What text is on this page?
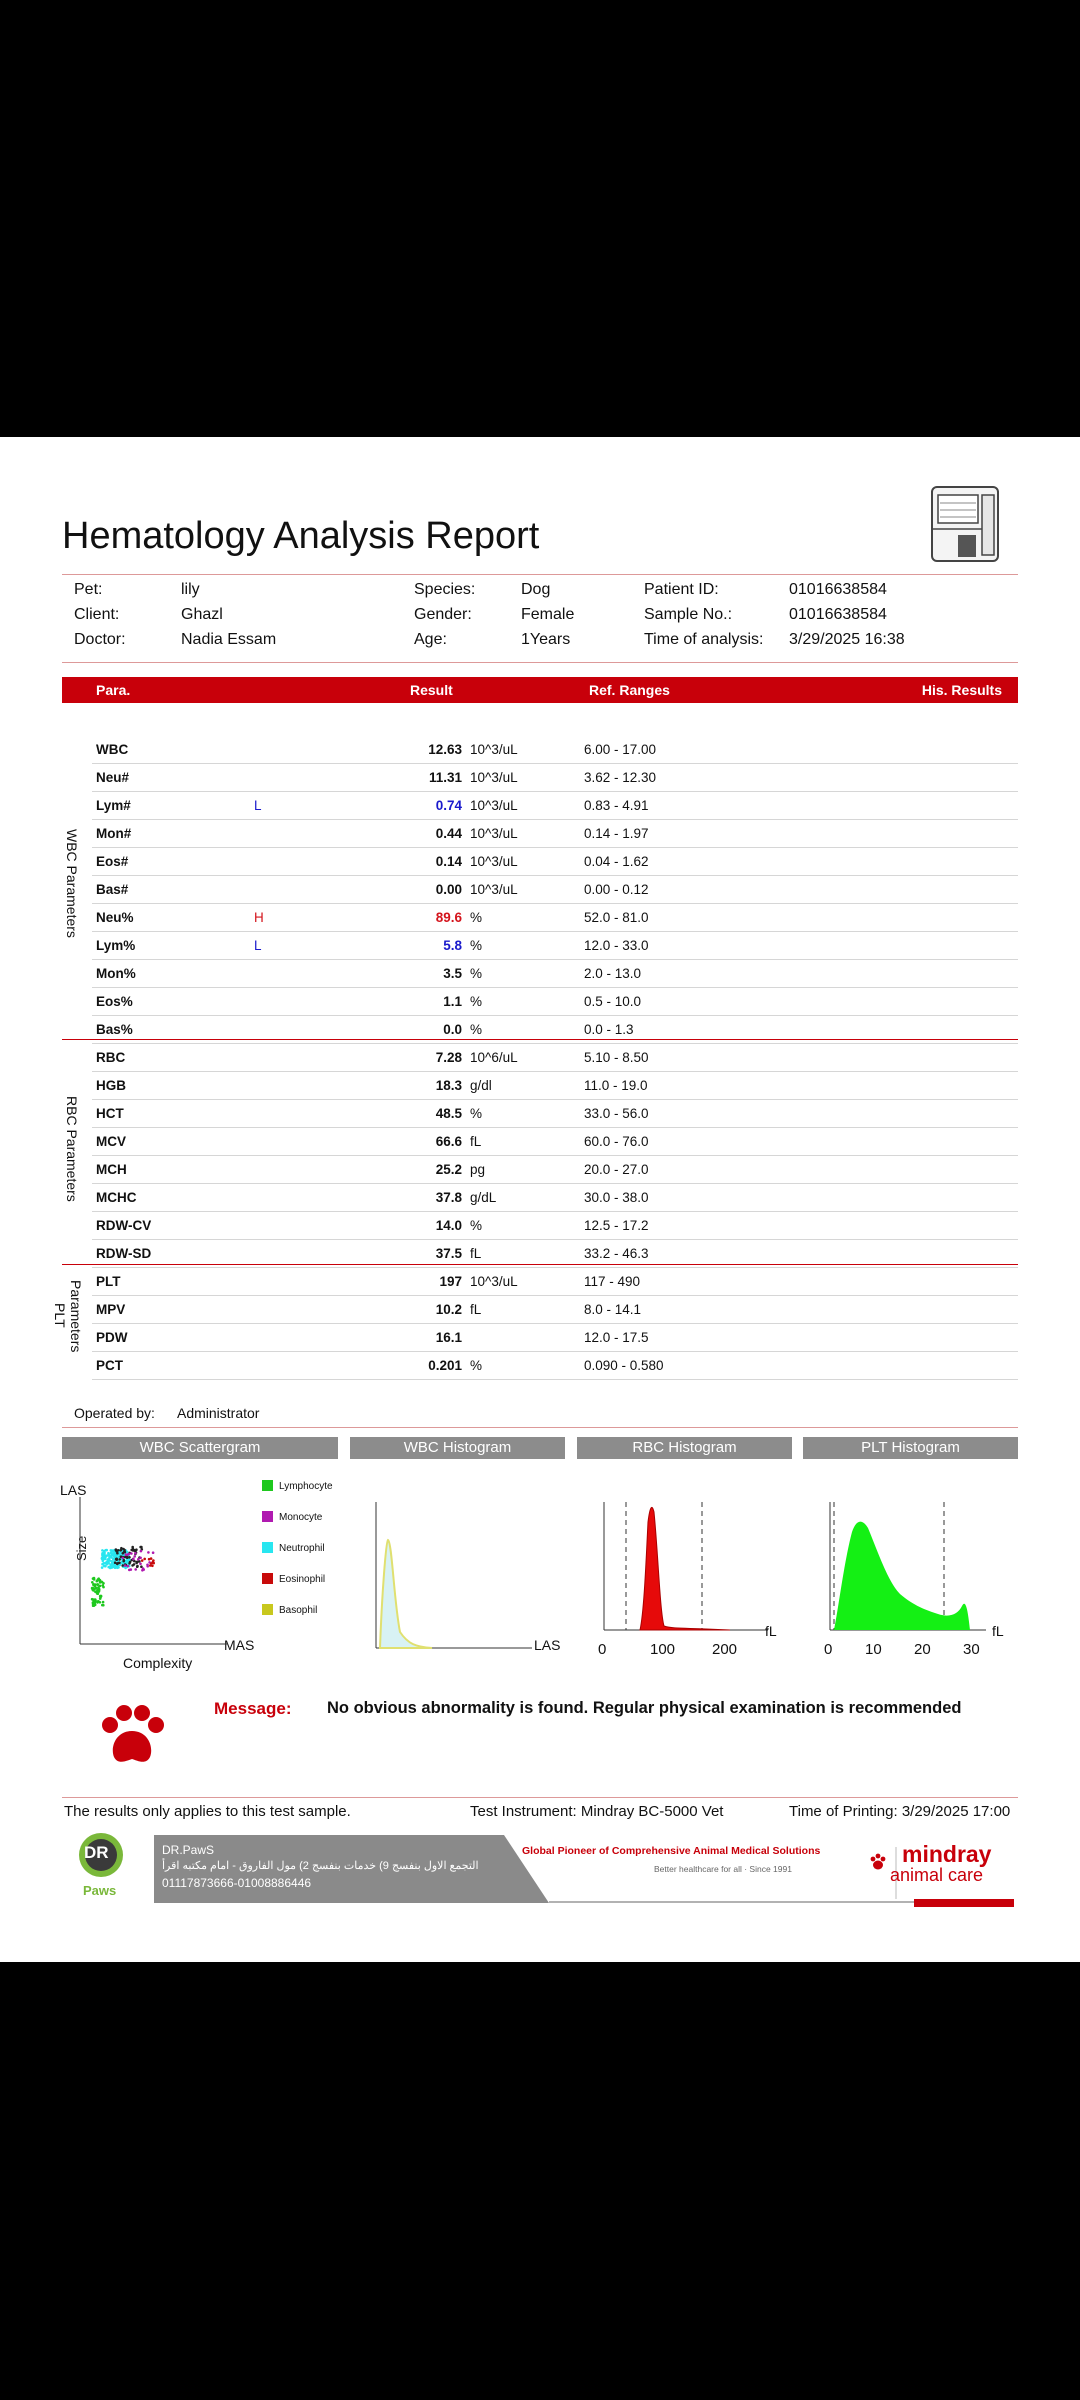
Hematology Analysis Report
Pet:	lily
Client:	Ghazl
Doctor:	Nadia Essam
Species:	Dog
Gender:	Female
Age:	1Years
Patient ID:	01016638584
Sample No.:	01016638584
Time of analysis: 3/29/2025 16:38
Para.	Result	Ref. Ranges	His. Results
WBC	12.63 10^3/uL	6.00 - 17.00
Neu#	11.31 10^3/uL	3.62 - 12.30
Lym#	L	0.74 10^3/uL	0.83 - 4.91
Mon#	0.44 10^3/uL	0.14 - 1.97
Eos#	0.14 10^3/uL	0.04 - 1.62
Bas#	0.00 10^3/uL	0.00 - 0.12
Neu%	H	89.6 %	52.0 - 81.0
Lym%	L	5.8 %	12.0 - 33.0
Mon%	3.5 %	2.0 - 13.0
Eos%	1.1 %	0.5 - 10.0
Bas%	0.0 %	0.0 - 1.3
RBC	7.28 10^6/uL	5.10 - 8.50
HGB	18.3 g/dl	11.0 - 19.0
HCT	48.5 %	33.0 - 56.0
MCV	66.6 fL	60.0 - 76.0
MCH	25.2 pg	20.0 - 27.0
MCHC	37.8 g/dL	30.0 - 38.0
RDW-CV	14.0 %	12.5 - 17.2
RDW-SD	37.5 fL	33.2 - 46.3
PLT	197 10^3/uL	117 - 490
MPV	10.2 fL	8.0 - 14.1
PDW	16.1	12.0 - 17.5
PCT	0.201 %	0.090 - 0.580
WBC Parameters
RBC Parameters
Parameters
PLT
Operated by: Administrator
WBC Scattergram	WBC Histogram	RBC Histogram	PLT Histogram
LAS
Size
Complexity
MAS
Lymphocyte
Monocyte
Neutrophil
Eosinophil
Basophil
LAS
fL
0	100 200
fL
0 10 20 30
Message: No obvious abnormality is found. Regular physical examination is recommended
The results only applies to this test sample.	Test Instrument: Mindray BC-5000 Vet	Time of Printing: 3/29/2025 17:00
DR
Paws
DR.PawS
التجمع الاول بنفسج 9) خدمات بنفسج 2) مول الفاروق - امام مكتبه اقرأ
01117873666-01008886446
Global Pioneer of Comprehensive Animal Medical Solutions
Better healthcare for all · Since 1991
mindray
animal care
